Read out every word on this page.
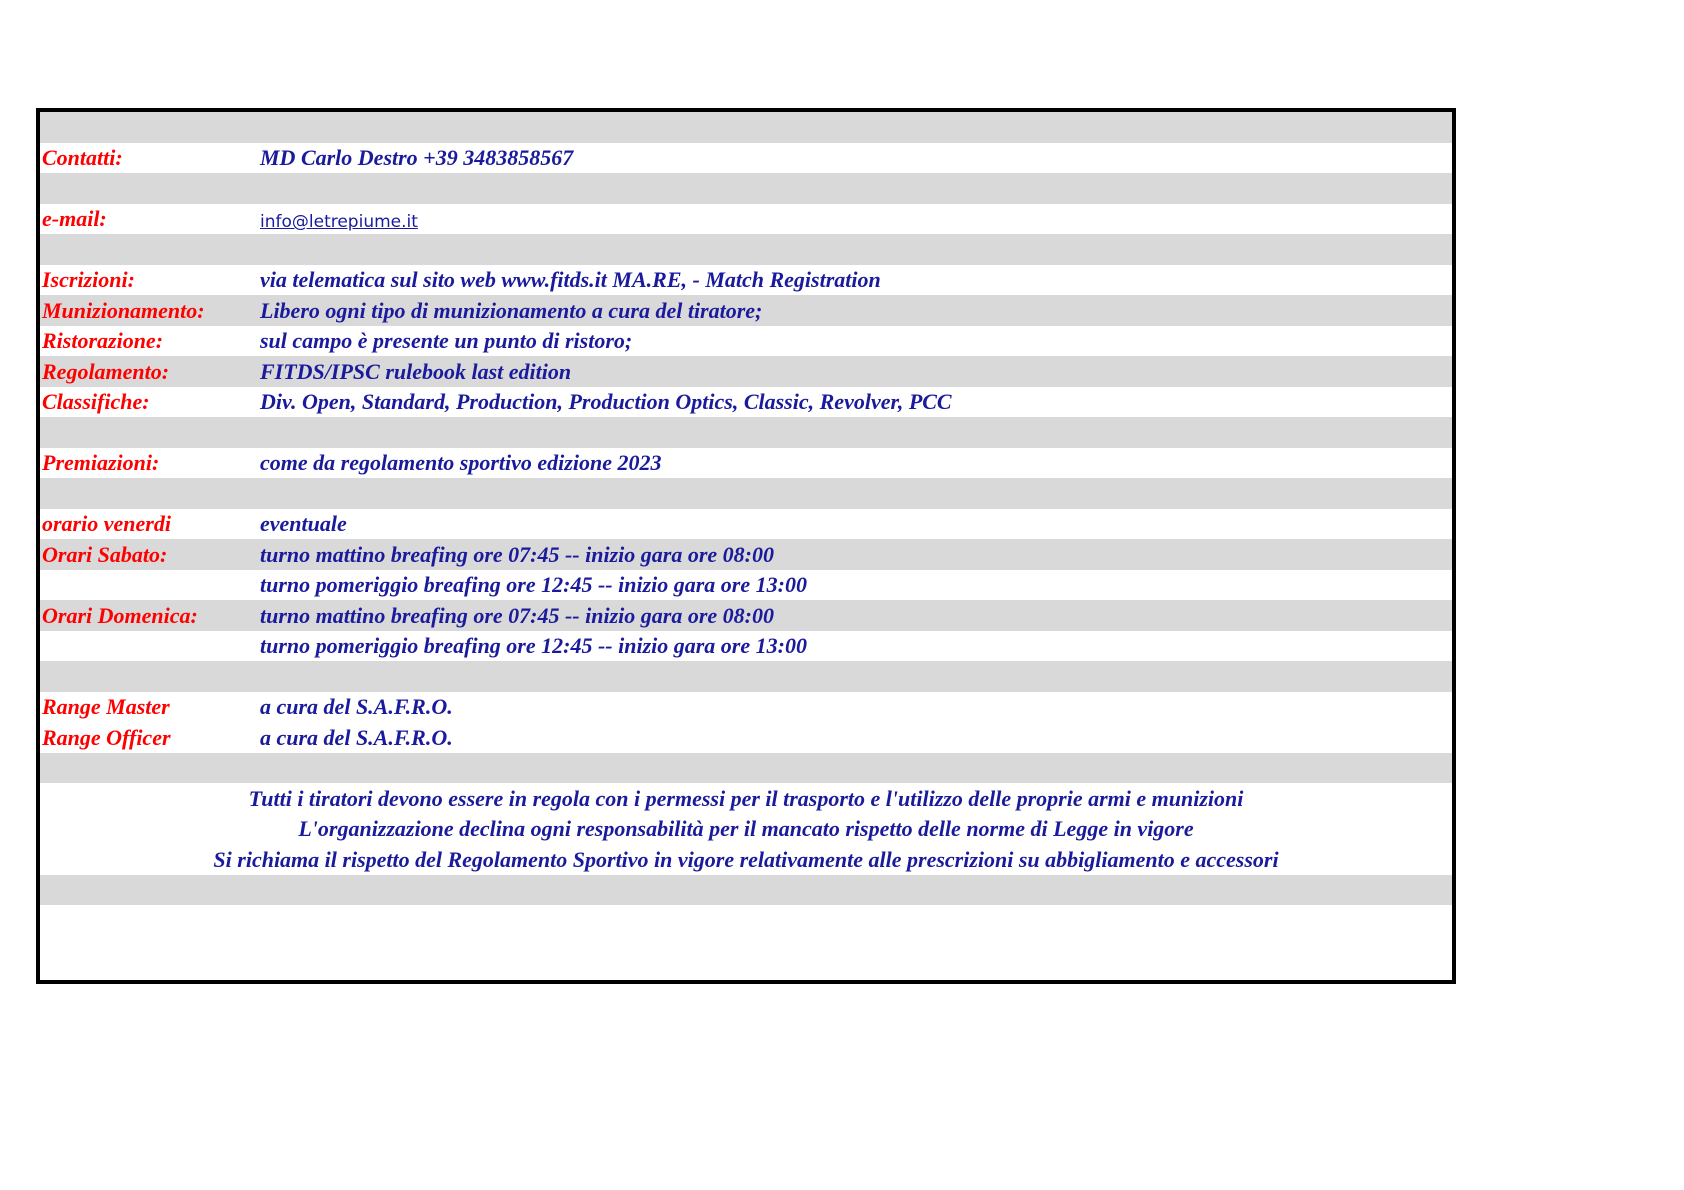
Contatti:	MD Carlo Destro +39 3483858567
e-mail:	info@letrepiume.it
Iscrizioni:	via telematica sul sito web www.fitds.it MA.RE, - Match Registration
Munizionamento:	Libero ogni tipo di munizionamento a cura del tiratore;
Ristorazione:	sul campo è presente un punto di ristoro;
Regolamento:	FITDS/IPSC rulebook last edition
Classifiche:	Div. Open, Standard, Production, Production Optics, Classic, Revolver, PCC
Premiazioni:	come da regolamento sportivo edizione 2023
orario venerdi	eventuale
Orari Sabato:	turno mattino breafing ore 07:45 -- inizio gara ore 08:00
turno pomeriggio breafing ore 12:45 -- inizio gara ore 13:00
Orari Domenica:	turno mattino breafing ore 07:45 -- inizio gara ore 08:00
turno pomeriggio breafing ore 12:45 -- inizio gara ore 13:00
Range Master	a cura del S.A.F.R.O.
Range Officer	a cura del S.A.F.R.O.
Tutti i tiratori devono essere in regola con i permessi per il trasporto e l'utilizzo delle proprie armi e munizioni
L'organizzazione declina ogni responsabilità per il mancato rispetto delle norme di Legge in vigore
Si richiama il rispetto del Regolamento Sportivo in vigore relativamente alle prescrizioni su abbigliamento e accessori
